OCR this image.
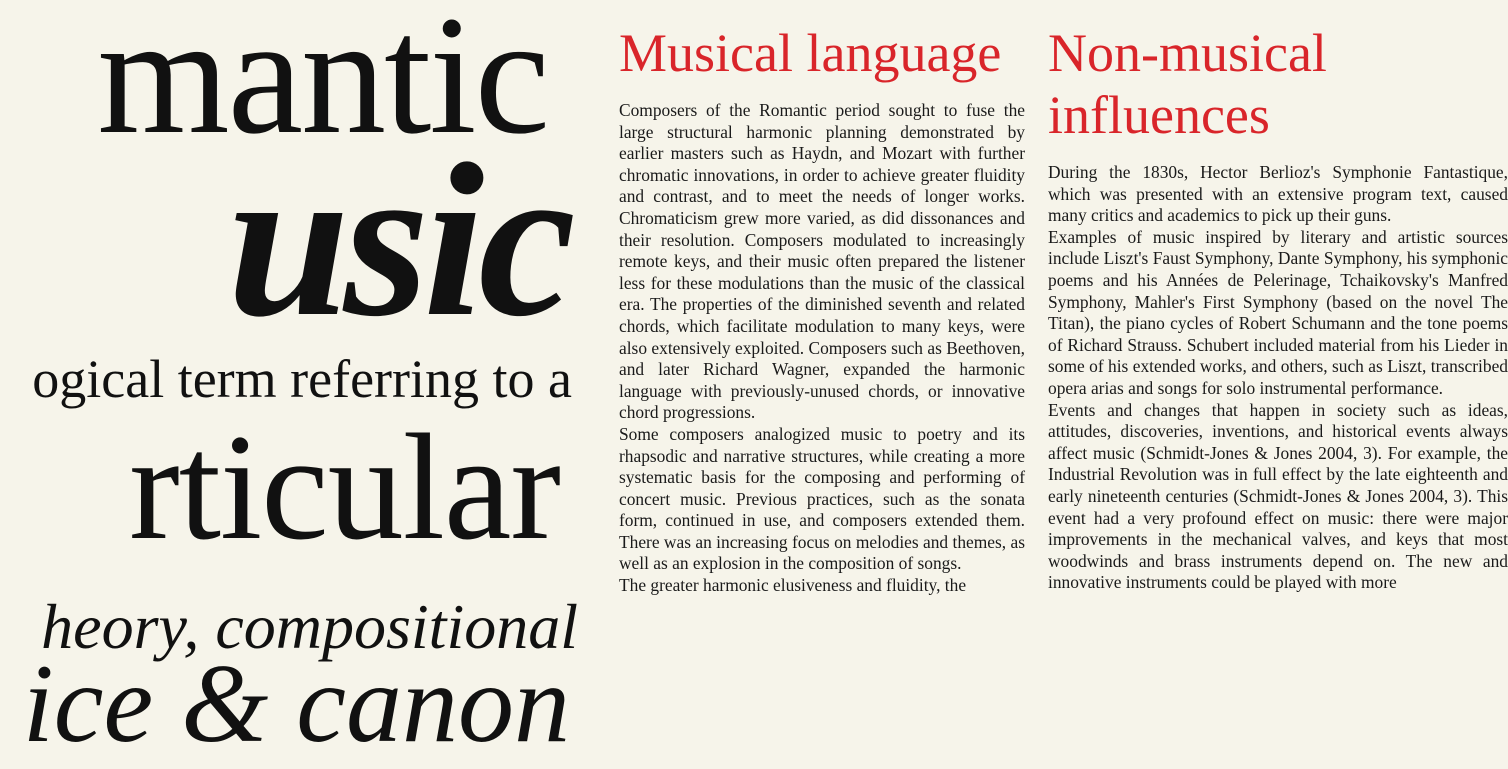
mantic
usic
ogical term referring to a
rticular
heory, compositional
ice & canon
Musical language

Composers of the Romantic period sought to fuse the large structural harmonic planning demonstrated by earlier masters such as Haydn, and Mozart with further chromatic innovations, in order to achieve greater fluidity and contrast, and to meet the needs of longer works. Chromaticism grew more varied, as did dissonances and their resolution. Composers modulated to increasingly remote keys, and their music often prepared the listener less for these modulations than the music of the classical era. The properties of the diminished seventh and related chords, which facilitate modulation to many keys, were also extensively exploited. Composers such as Beethoven, and later Richard Wagner, expanded the harmonic language with previously-unused chords, or innovative chord progressions.

Some composers analogized music to poetry and its rhapsodic and narrative structures, while creating a more systematic basis for the composing and performing of concert music. Previous practices, such as the sonata form, continued in use, and composers extended them. There was an increasing focus on melodies and themes, as well as an explosion in the composition of songs.

The greater harmonic elusiveness and fluidity, the

Non-musical influences

During the 1830s, Hector Berlioz's Symphonie Fantastique, which was presented with an extensive program text, caused many critics and academics to pick up their guns.

Examples of music inspired by literary and artistic sources include Liszt's Faust Symphony, Dante Symphony, his symphonic poems and his Années de Pelerinage, Tchaikovsky's Manfred Symphony, Mahler's First Symphony (based on the novel The Titan), the piano cycles of Robert Schumann and the tone poems of Richard Strauss. Schubert included material from his Lieder in some of his extended works, and others, such as Liszt, transcribed opera arias and songs for solo instrumental performance.

Events and changes that happen in society such as ideas, attitudes, discoveries, inventions, and historical events always affect music (Schmidt-Jones & Jones 2004, 3). For example, the Industrial Revolution was in full effect by the late eighteenth and early nineteenth centuries (Schmidt-Jones & Jones 2004, 3). This event had a very profound effect on music: there were major improvements in the mechanical valves, and keys that most woodwinds and brass instruments depend on. The new and innovative instruments could be played with more
